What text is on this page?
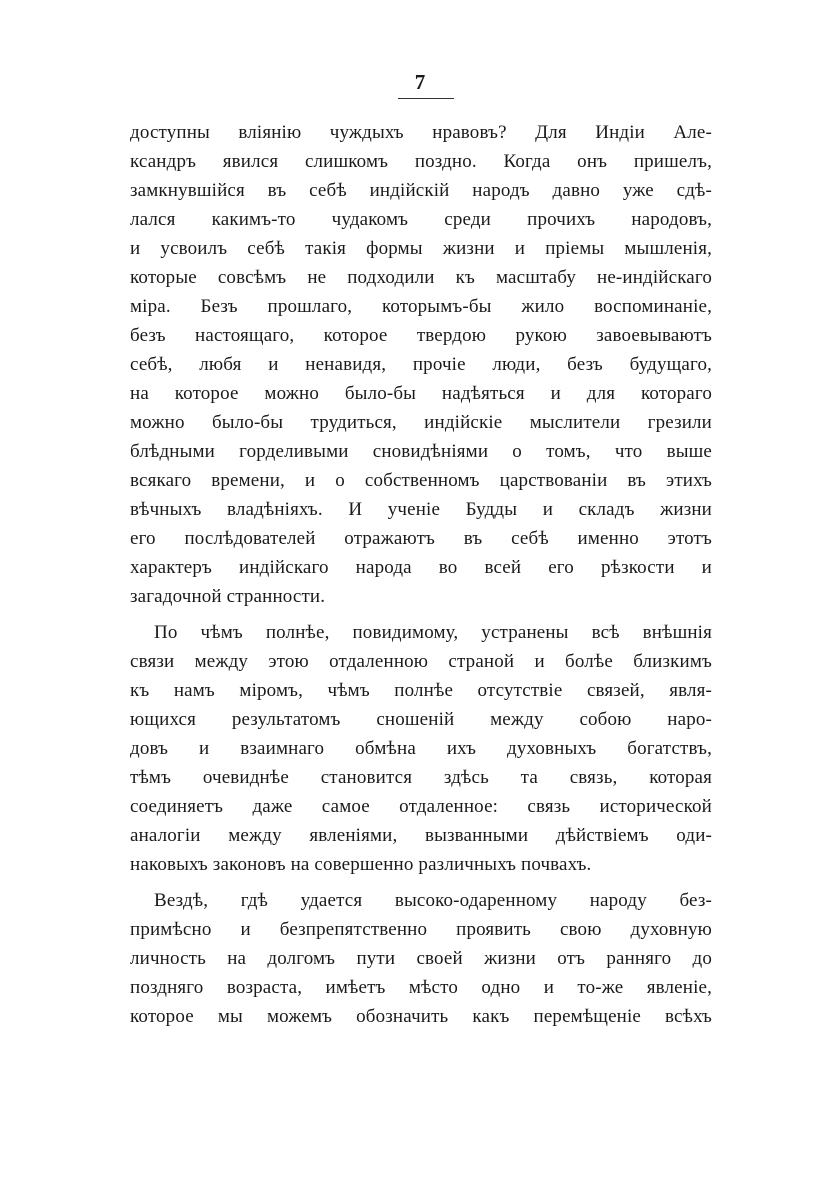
7
доступны вліянію чуждыхъ нравовъ? Для Индіи Але-
ксандръ явился слишкомъ поздно. Когда онъ пришелъ,
замкнувшійся въ себѣ индійскій народъ давно уже сдѣ-
лался какимъ-то чудакомъ среди прочихъ народовъ,
и усвоилъ себѣ такія формы жизни и пріемы мышленія,
которые совсѣмъ не подходили къ масштабу не-индійскаго
міра. Безъ прошлаго, которымъ-бы жило воспоминаніе,
безъ настоящаго, которое твердою рукою завоевываютъ
себѣ, любя и ненавидя, прочіе люди, безъ будущаго,
на которое можно было-бы надѣяться и для котораго
можно было-бы трудиться, индійскіе мыслители грезили
блѣдными горделивыми сновидѣніями о томъ, что выше
всякаго времени, и о собственномъ царствованіи въ этихъ
вѣчныхъ владѣніяхъ. И ученіе Будды и складъ жизни
его послѣдователей отражаютъ въ себѣ именно этотъ
характеръ индійскаго народа во всей его рѣзкости и
загадочной странности.
По чѣмъ полнѣе, повидимому, устранены всѣ внѣшнія
связи между этою отдаленною страной и болѣе близкимъ
къ намъ міромъ, чѣмъ полнѣе отсутствіе связей, явля-
ющихся результатомъ сношеній между собою наро-
довъ и взаимнаго обмѣна ихъ духовныхъ богатствъ,
тѣмъ очевиднѣе становится здѣсь та связь, которая
соединяетъ даже самое отдаленное: связь исторической
аналогіи между явленіями, вызванными дѣйствіемъ оди-
наковыхъ законовъ на совершенно различныхъ почвахъ.
Вездѣ, гдѣ удается высоко-одаренному народу без-
примѣсно и безпрепятственно проявить свою духовную
личность на долгомъ пути своей жизни отъ ранняго до
поздняго возраста, имѣетъ мѣсто одно и то-же явленіе,
которое мы можемъ обозначить какъ перемѣщеніе всѣхъ
